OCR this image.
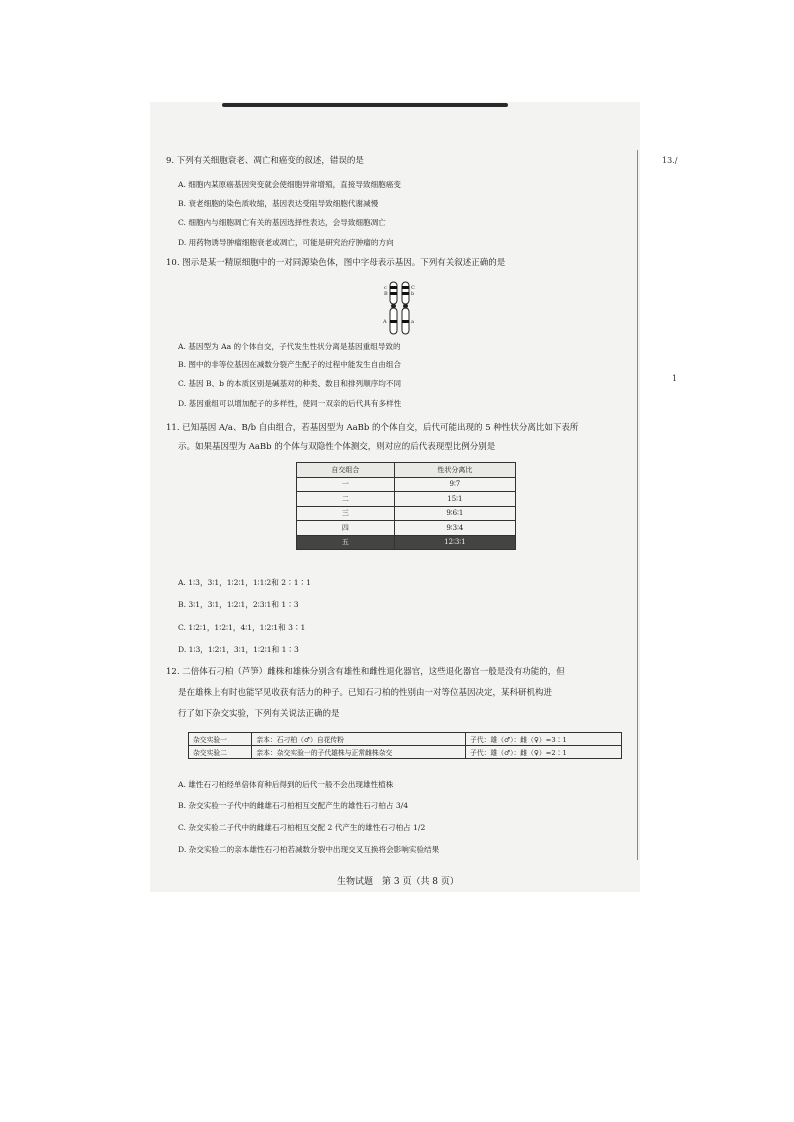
13./
1
9. 下列有关细胞衰老、凋亡和癌变的叙述，错误的是
A. 细胞内某原癌基因突变就会使细胞异常增殖，直接导致细胞癌变
B. 衰老细胞的染色质收缩，基因表达受阻导致细胞代谢减慢
C. 细胞内与细胞凋亡有关的基因选择性表达，会导致细胞凋亡
D. 用药物诱导肿瘤细胞衰老或凋亡，可能是研究治疗肿瘤的方向
10. 图示是某一精原细胞中的一对同源染色体，图中字母表示基因。下列有关叙述正确的是
c
B	b
C
A	a
A. 基因型为 Aa 的个体自交，子代发生性状分离是基因重组导致的
B. 图中的非等位基因在减数分裂产生配子的过程中能发生自由组合
C. 基因 B、b 的本质区别是碱基对的种类、数目和排列顺序均不同
D. 基因重组可以增加配子的多样性，使同一双亲的后代具有多样性
11. 已知基因 A/a、B/b 自由组合，若基因型为 AaBb 的个体自交，后代可能出现的 5 种性状分离比如下表所
示。如果基因型为 AaBb 的个体与双隐性个体测交，则对应的后代表现型比例分别是
自交组合	性状分离比
一	9∶7
二	15∶1
三	9∶6∶1
四	9∶3∶4
五	12∶3∶1
A. 1∶3，3∶1，1∶2∶1，1∶1∶2和 2∶1∶1
B. 3∶1，3∶1，1∶2∶1，2∶3∶1和 1∶3
C. 1∶2∶1，1∶2∶1，4∶1，1∶2∶1和 3∶1
D. 1∶3，1∶2∶1，3∶1，1∶2∶1和 1∶3
12. 二倍体石刁柏（芦笋）雌株和雄株分别含有雄性和雌性退化器官，这些退化器官一般是没有功能的，但
是在雄株上有时也能罕见收获有活力的种子。已知石刁柏的性别由一对等位基因决定，某科研机构进
行了如下杂交实验，下列有关说法正确的是
杂交实验一	亲本：石刁柏（♂）自花传粉	子代：雄（♂）：雌（♀）=3∶1
杂交实验二	亲本：杂交实验一的子代雄株与正常雌株杂交	子代：雄（♂）：雌（♀）=2∶1
A. 雄性石刁柏经单倍体育种后得到的后代一般不会出现雄性植株
B. 杂交实验一子代中的雌雄石刁柏相互交配产生的雄性石刁柏占 3/4
C. 杂交实验二子代中的雌雄石刁柏相互交配 2 代产生的雄性石刁柏占 1/2
D. 杂交实验二的亲本雄性石刁柏若减数分裂中出现交叉互换将会影响实验结果
生物试题　第 3 页（共 8 页）
